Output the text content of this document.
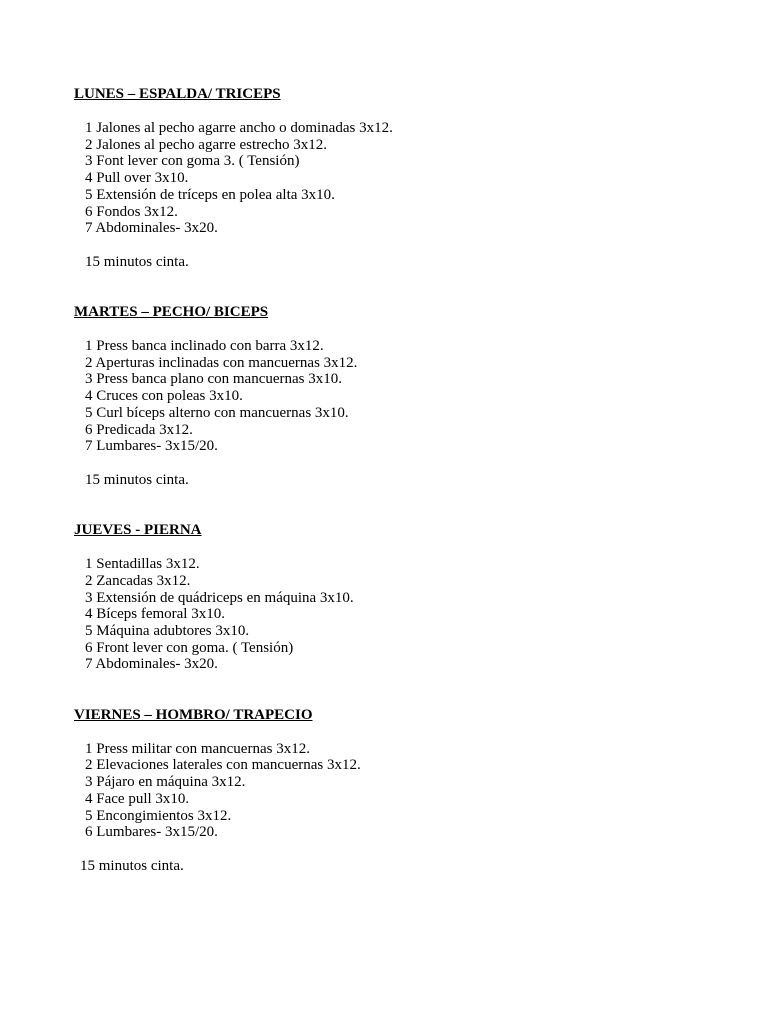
LUNES – ESPALDA/ TRICEPS
1 Jalones al pecho agarre ancho o dominadas 3x12.
2 Jalones al pecho agarre estrecho 3x12.
3 Font lever con goma 3. ( Tensión)
4 Pull over 3x10.
5 Extensión de tríceps en polea alta 3x10.
6 Fondos 3x12.
7 Abdominales- 3x20.
15 minutos cinta.
MARTES – PECHO/ BICEPS
1 Press banca inclinado con barra 3x12.
2 Aperturas inclinadas con mancuernas 3x12.
3 Press banca plano con mancuernas 3x10.
4 Cruces con poleas 3x10.
5 Curl bíceps alterno con mancuernas 3x10.
6 Predicada 3x12.
7 Lumbares- 3x15/20.
15 minutos cinta.
JUEVES - PIERNA
1 Sentadillas 3x12.
2 Zancadas 3x12.
3 Extensión de quádriceps en máquina 3x10.
4 Bíceps femoral 3x10.
5 Máquina adubtores 3x10.
6 Front lever con goma. ( Tensión)
7 Abdominales- 3x20.
VIERNES – HOMBRO/ TRAPECIO
1 Press militar con mancuernas 3x12.
2 Elevaciones laterales con mancuernas 3x12.
3 Pájaro en máquina 3x12.
4 Face pull 3x10.
5 Encongimientos 3x12.
6 Lumbares- 3x15/20.
15 minutos cinta.
